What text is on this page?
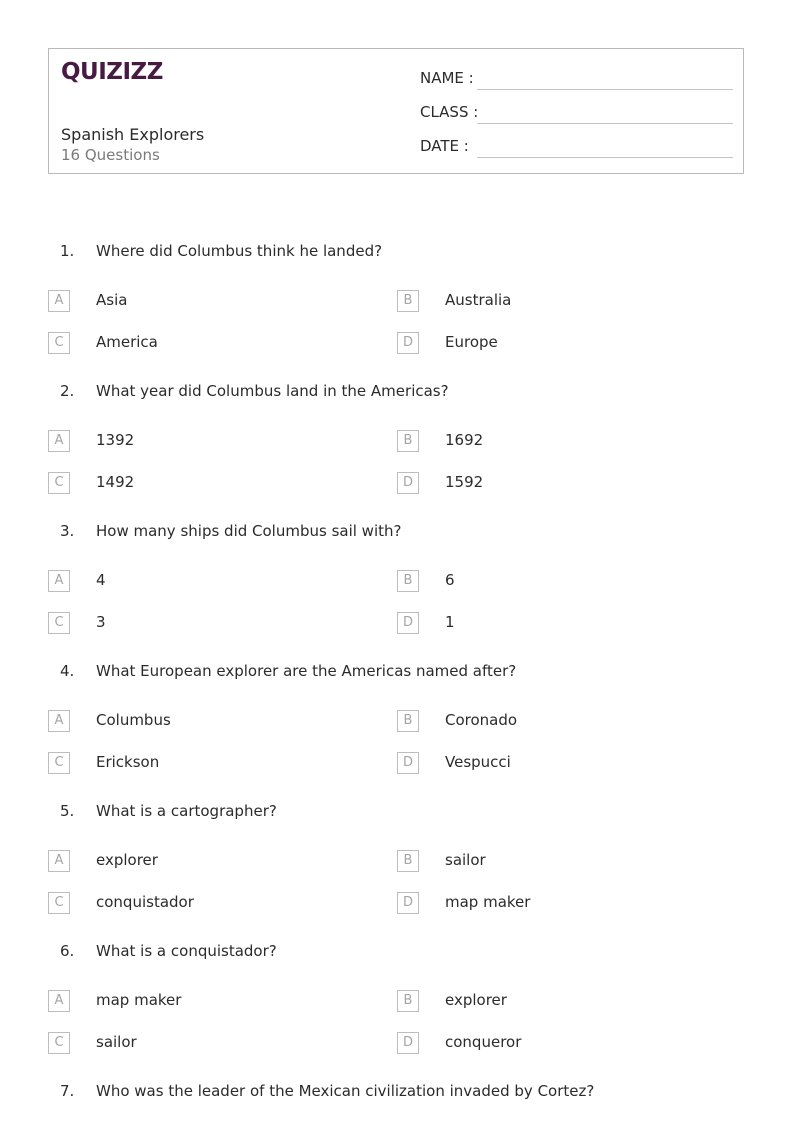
QUIZIZZ
Spanish Explorers
16 Questions
NAME :
CLASS :
DATE :
1. Where did Columbus think he landed?
A	Asia	B	Australia
C	America	D	Europe
2. What year did Columbus land in the Americas?
A	1392	B	1692
C	1492	D	1592
3. How many ships did Columbus sail with?
A	4	B	6
C	3	D	1
4. What European explorer are the Americas named after?
A	Columbus	B	Coronado
C	Erickson	D	Vespucci
5. What is a cartographer?
A	explorer	B	sailor
C	conquistador	D	map maker
6. What is a conquistador?
A	map maker	B	explorer
C	sailor	D	conqueror
7. Who was the leader of the Mexican civilization invaded by Cortez?
